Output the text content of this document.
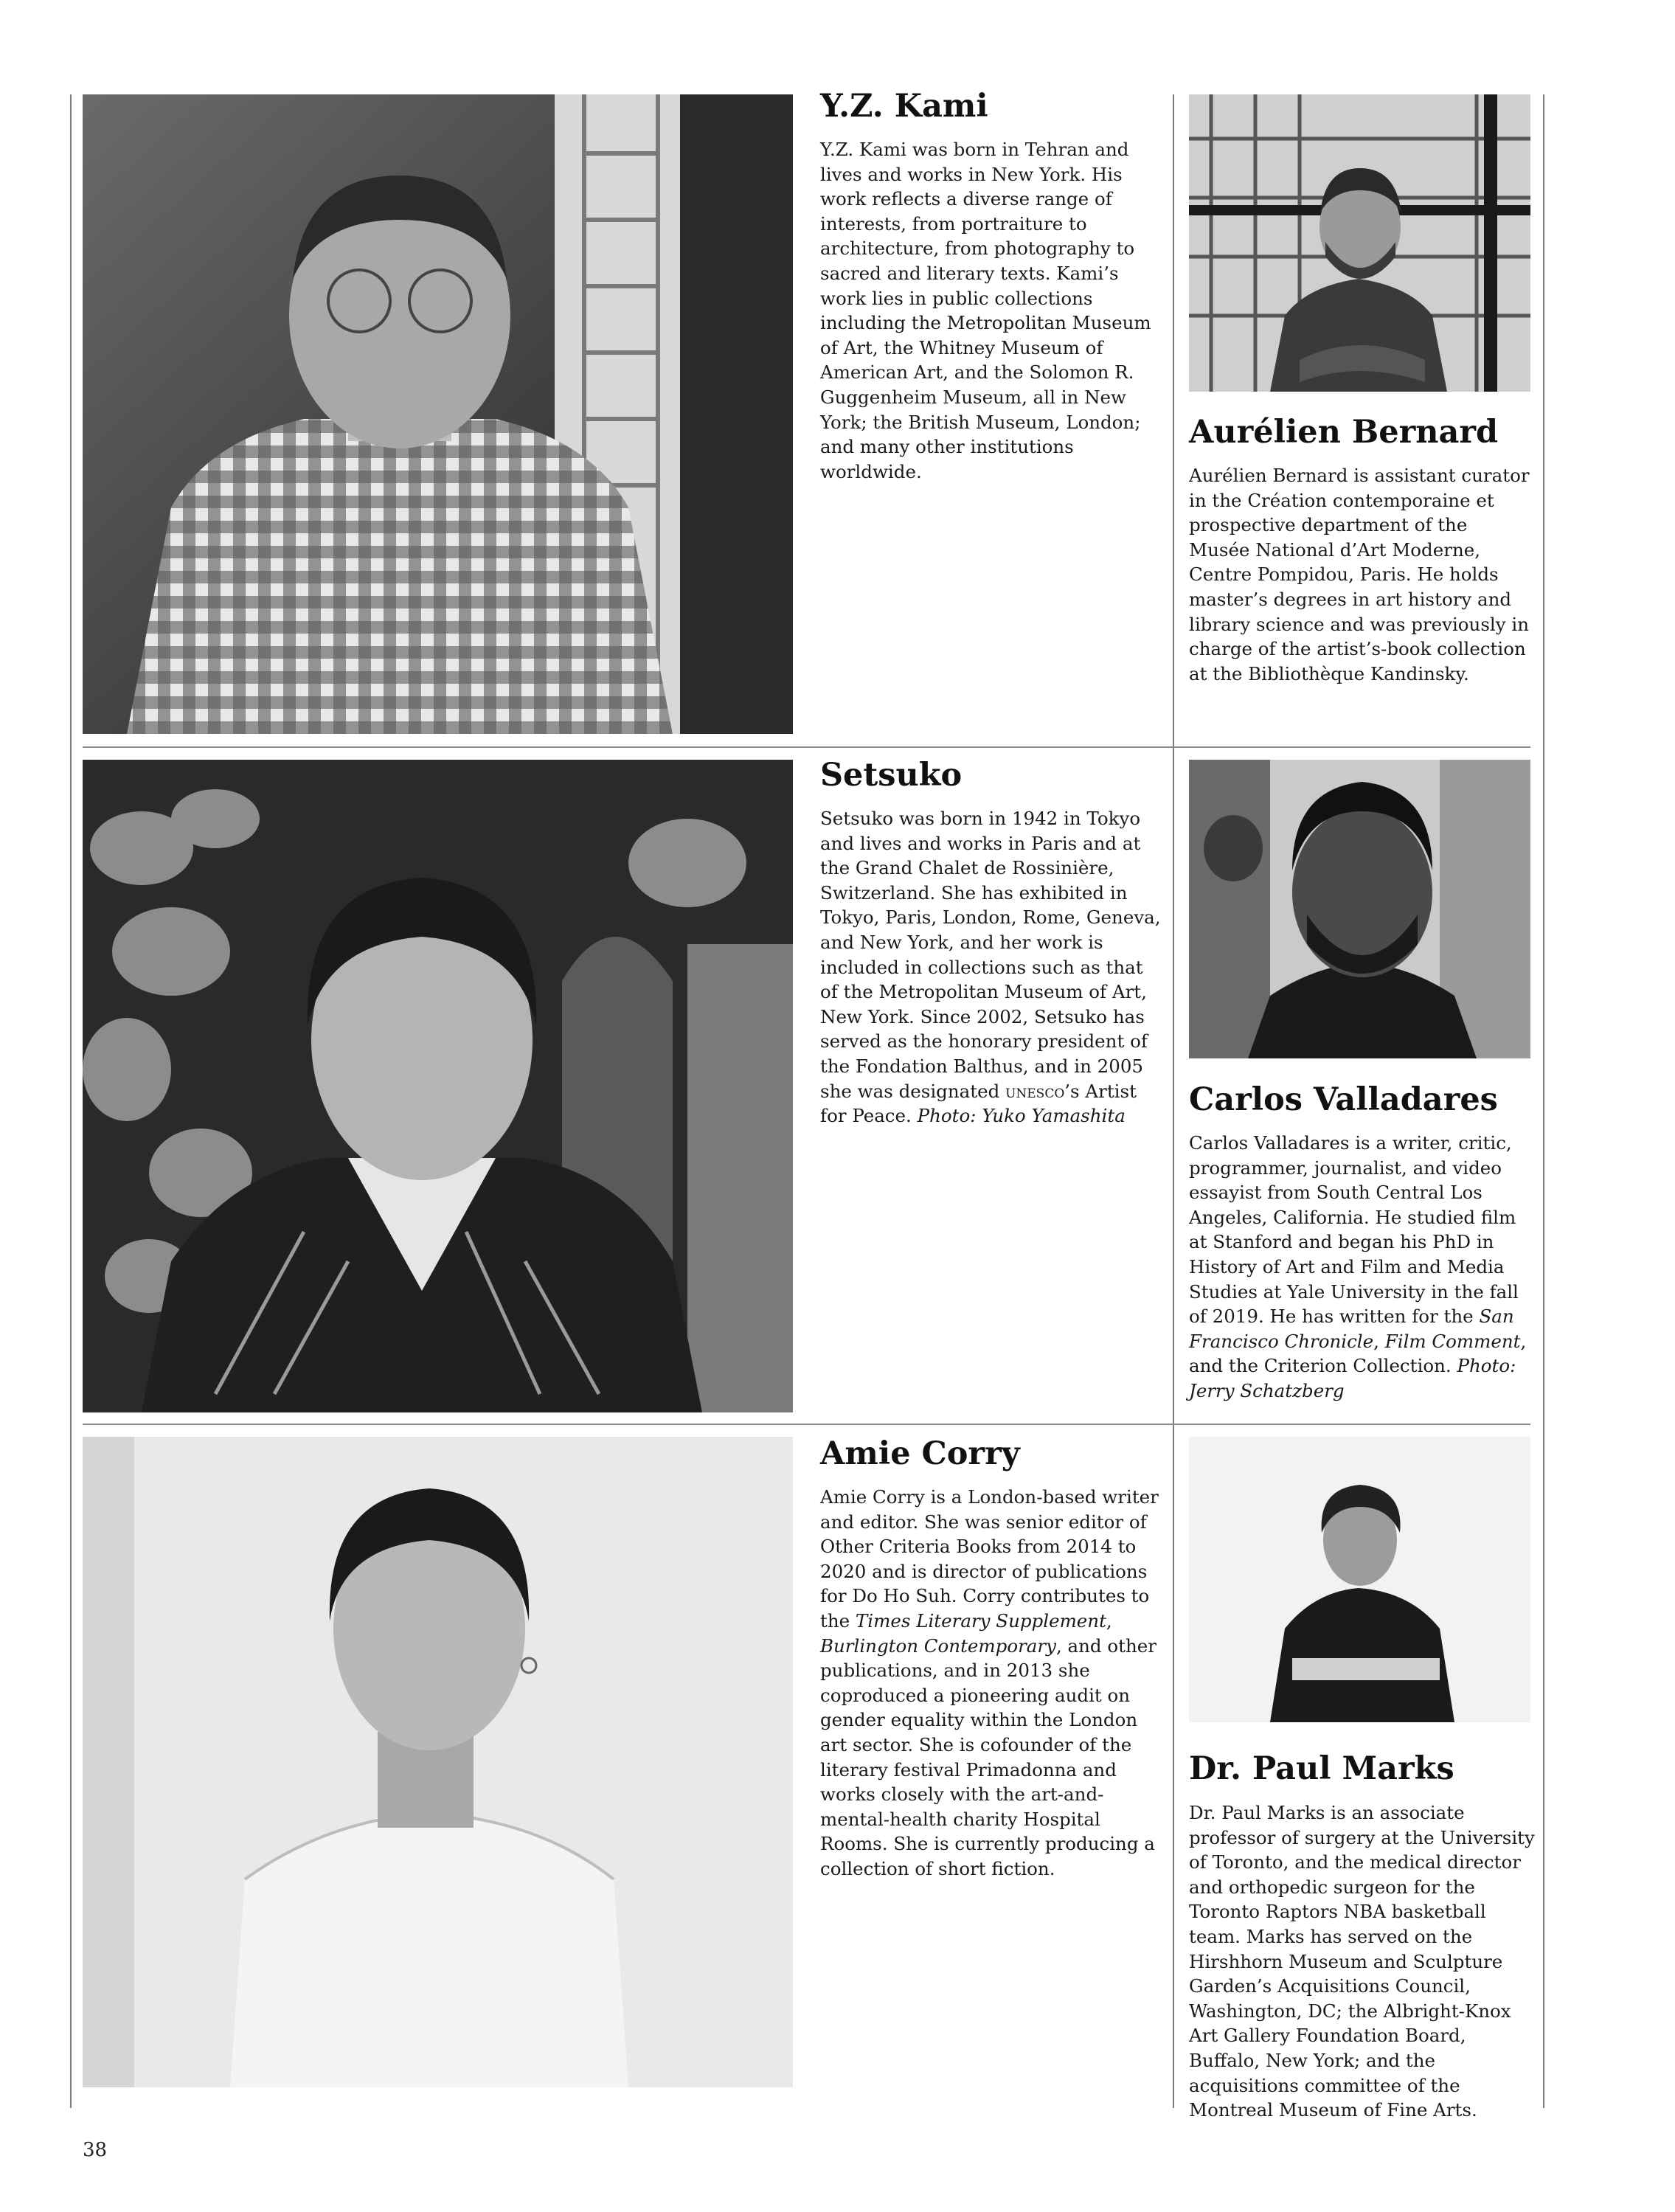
Y.Z. Kami

Y.Z. Kami was born in Tehran and lives and works in New York. His work reflects a diverse range of interests, from portraiture to architecture, from photography to sacred and literary texts. Kami’s work lies in public collections including the Metropolitan Museum of Art, the Whitney Museum of American Art, and the Solomon R. Guggenheim Museum, all in New York; the British Museum, London; and many other institutions worldwide.

Aurélien Bernard

Aurélien Bernard is assistant curator in the Création contemporaine et prospective department of the Musée National d’Art Moderne, Centre Pompidou, Paris. He holds master’s degrees in art history and library science and was previously in charge of the artist’s-book collection at the Bibliothèque Kandinsky.

Setsuko

Setsuko was born in 1942 in Tokyo and lives and works in Paris and at the Grand Chalet de Rossinière, Switzerland. She has exhibited in Tokyo, Paris, London, Rome, Geneva, and New York, and her work is included in collections such as that of the Metropolitan Museum of Art, New York. Since 2002, Setsuko has served as the honorary president of the Fondation Balthus, and in 2005 she was designated unesco’s Artist for Peace. Photo: Yuko Yamashita	Carlos Valladares

Carlos Valladares is a writer, critic, programmer, journalist, and video essayist from South Central Los Angeles, California. He studied film at Stanford and began his PhD in History of Art and Film and Media Studies at Yale University in the fall of 2019. He has written for the San Francisco Chronicle, Film Comment, and the Criterion Collection. Photo: Jerry Schatzberg

Amie Corry

Amie Corry is a London-based writer and editor. She was senior editor of Other Criteria Books from 2014 to 2020 and is director of publications for Do Ho Suh. Corry contributes to the Times Literary Supplement, Burlington Contemporary, and other publications, and in 2013 she coproduced a pioneering audit on gender equality within the London art sector. She is cofounder of the literary festival Primadonna and works closely with the art-and-mental-health charity Hospital Rooms. She is currently producing a collection of short fiction.

Dr. Paul Marks

Dr. Paul Marks is an associate professor of surgery at the University of Toronto, and the medical director and orthopedic surgeon for the Toronto Raptors NBA basketball team. Marks has served on the Hirshhorn Museum and Sculpture Garden’s Acquisitions Council, Washington, DC; the Albright-Knox Art Gallery Foundation Board, Buffalo, New York; and the acquisitions committee of the Montreal Museum of Fine Arts.

38
